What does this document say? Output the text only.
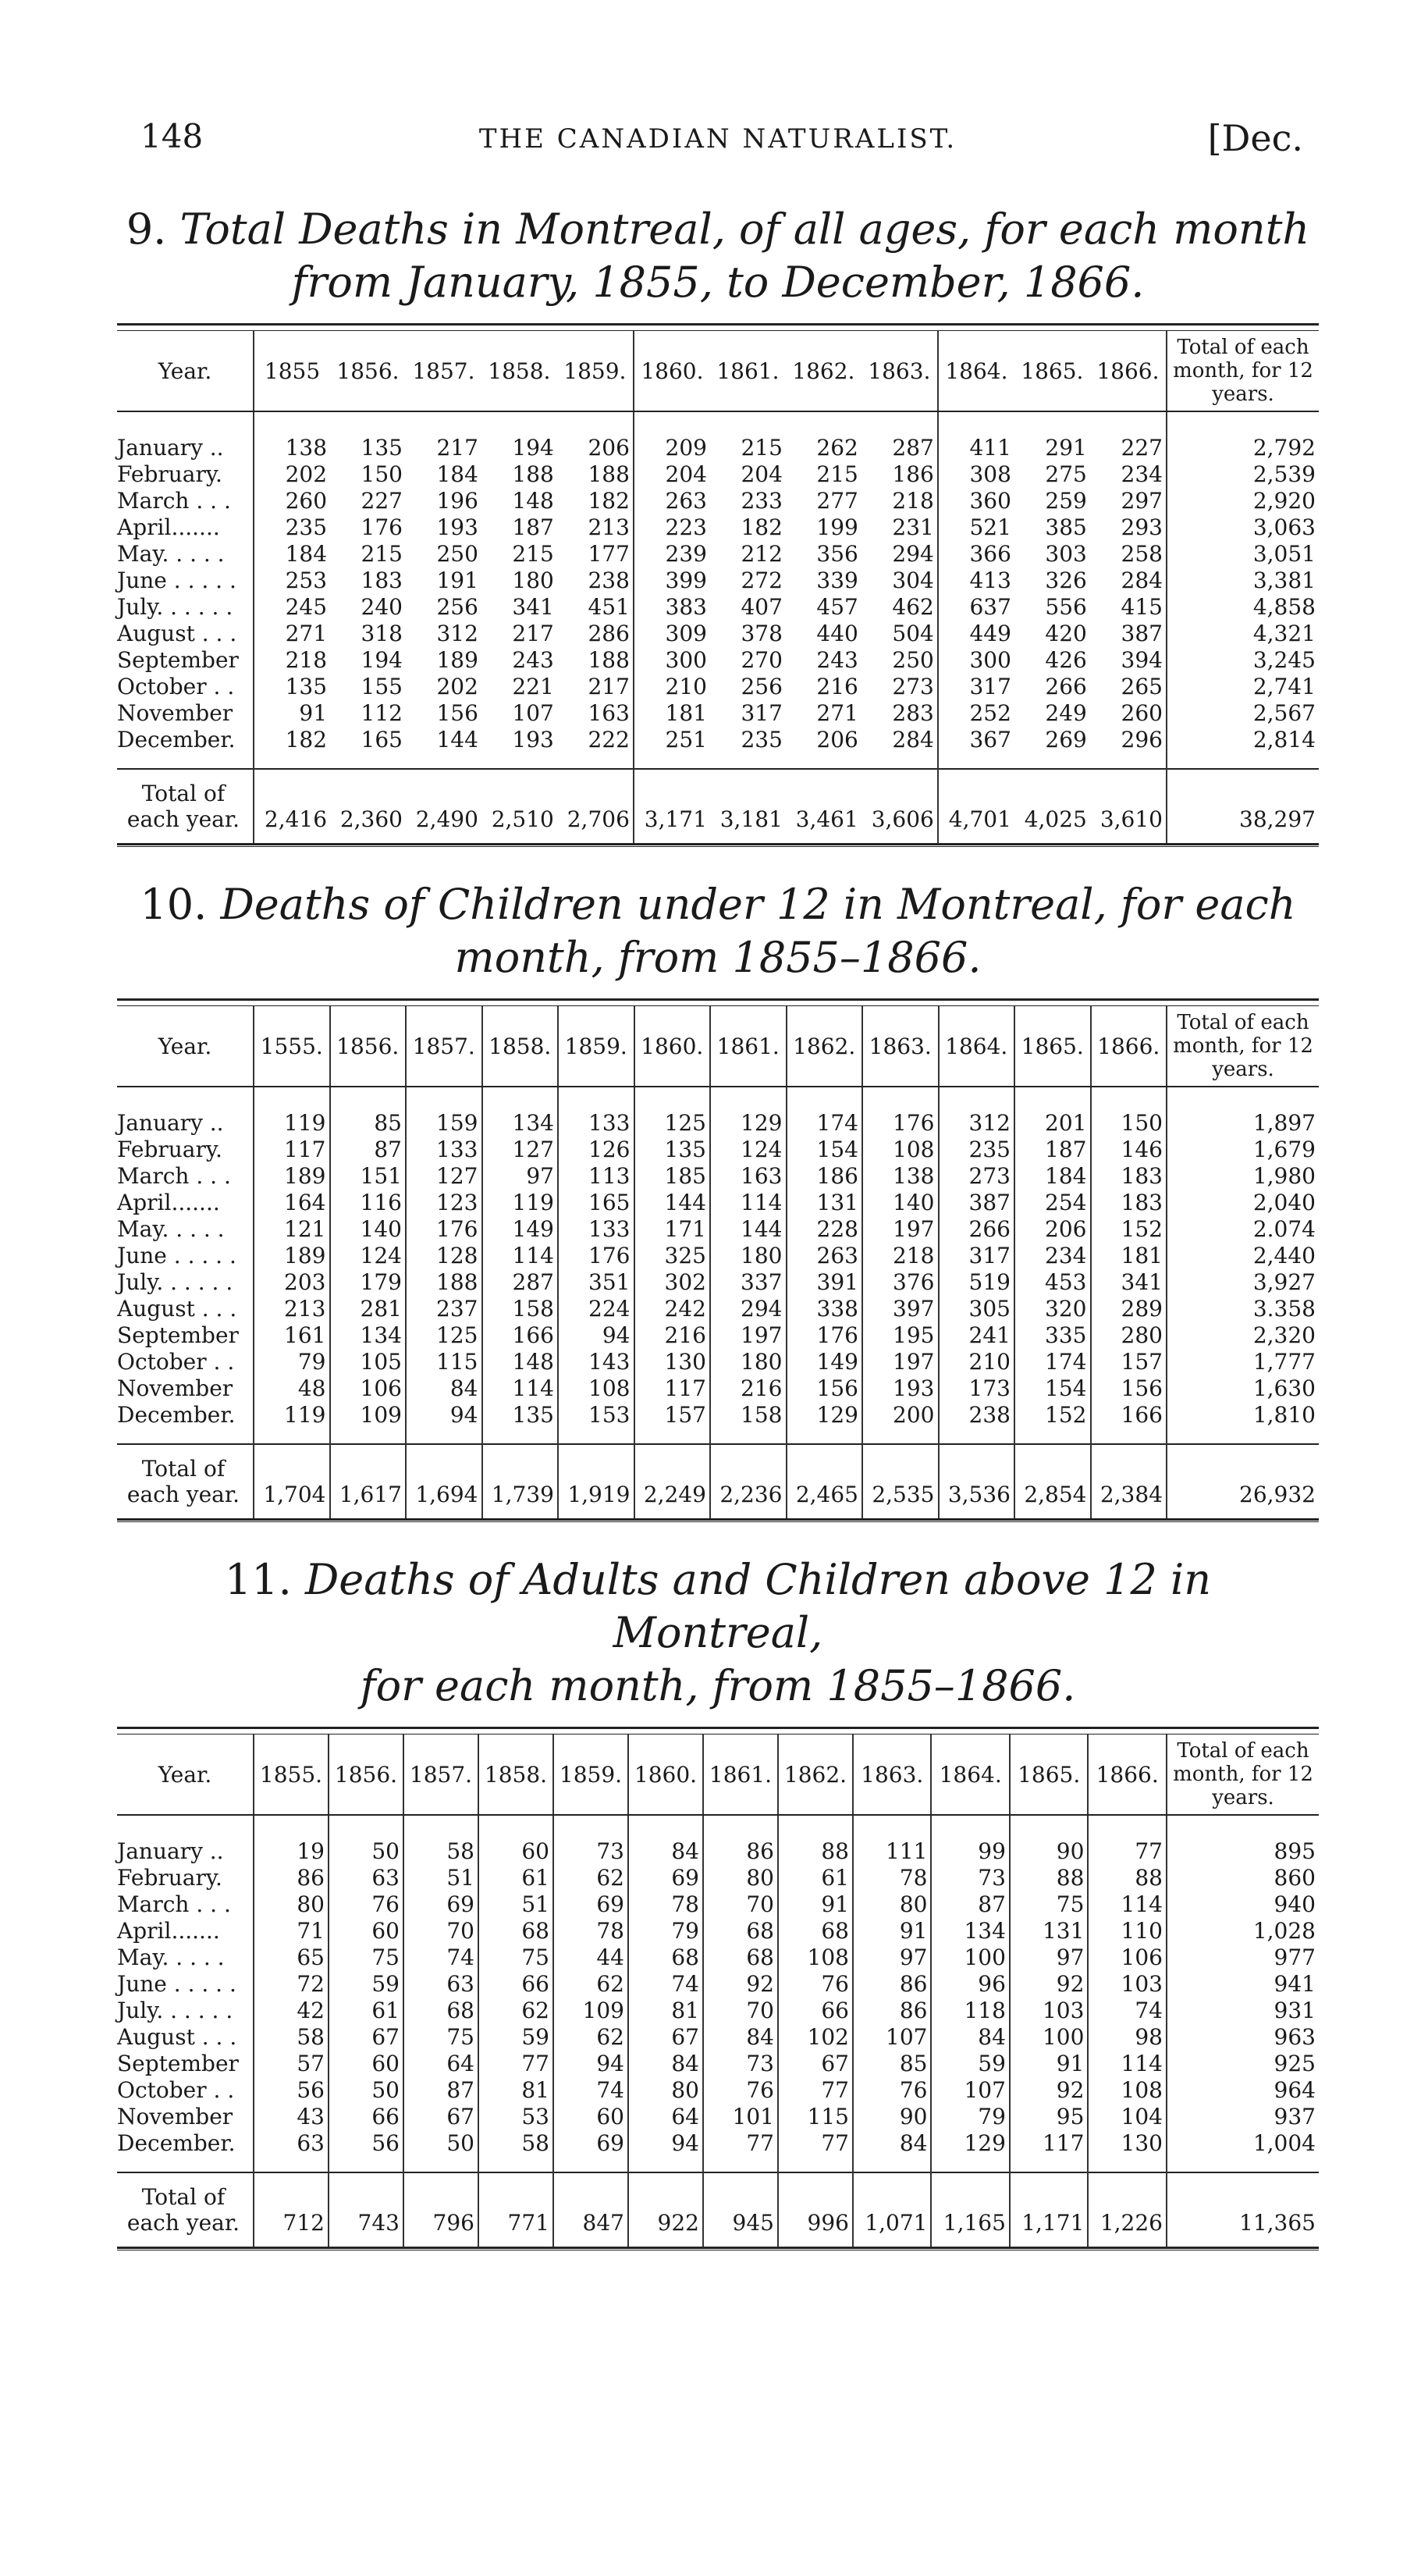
148	THE CANADIAN NATURALIST.	[Dec.
9. Total Deaths in Montreal, of all ages, for each month
from January, 1855, to December, 1866.
Year.	1855	1856.	1857.	1858.	1859.	1860.	1861.	1862.	1863.	1864.	1865.	1866.	Total of each month, for 12 years.
January ..	138	135	217	194	206	209	215	262	287	411	291	227	2,792
February.	202	150	184	188	188	204	204	215	186	308	275	234	2,539
March . . .	260	227	196	148	182	263	233	277	218	360	259	297	2,920
April.......	235	176	193	187	213	223	182	199	231	521	385	293	3,063
May. . . . .	184	215	250	215	177	239	212	356	294	366	303	258	3,051
June . . . . .	253	183	191	180	238	399	272	339	304	413	326	284	3,381
July. . . . . .	245	240	256	341	451	383	407	457	462	637	556	415	4,858
August . . .	271	318	312	217	286	309	378	440	504	449	420	387	4,321
September	218	194	189	243	188	300	270	243	250	300	426	394	3,245
October . .	135	155	202	221	217	210	256	216	273	317	266	265	2,741
November	91	112	156	107	163	181	317	271	283	252	249	260	2,567
December.	182	165	144	193	222	251	235	206	284	367	269	296	2,814
Total of
each year.	2,416	2,360	2,490	2,510	2,706	3,171	3,181	3,461	3,606	4,701	4,025	3,610	38,297
10. Deaths of Children under 12 in Montreal, for each
month, from 1855–1866.
Year.	1555.	1856.	1857.	1858.	1859.	1860.	1861.	1862.	1863.	1864.	1865.	1866.	Total of each month, for 12 years.
January ..	119	85	159	134	133	125	129	174	176	312	201	150	1,897
February.	117	87	133	127	126	135	124	154	108	235	187	146	1,679
March . . .	189	151	127	97	113	185	163	186	138	273	184	183	1,980
April.......	164	116	123	119	165	144	114	131	140	387	254	183	2,040
May. . . . .	121	140	176	149	133	171	144	228	197	266	206	152	2.074
June . . . . .	189	124	128	114	176	325	180	263	218	317	234	181	2,440
July. . . . . .	203	179	188	287	351	302	337	391	376	519	453	341	3,927
August . . .	213	281	237	158	224	242	294	338	397	305	320	289	3.358
September	161	134	125	166	94	216	197	176	195	241	335	280	2,320
October . .	79	105	115	148	143	130	180	149	197	210	174	157	1,777
November	48	106	84	114	108	117	216	156	193	173	154	156	1,630
December.	119	109	94	135	153	157	158	129	200	238	152	166	1,810
Total of
each year.	1,704	1,617	1,694	1,739	1,919	2,249	2,236	2,465	2,535	3,536	2,854	2,384	26,932
11. Deaths of Adults and Children above 12 in Montreal,
for each month, from 1855–1866.
Year.	1855.	1856.	1857.	1858.	1859.	1860.	1861.	1862.	1863.	1864.	1865.	1866.	Total of each month, for 12 years.
January ..	19	50	58	60	73	84	86	88	111	99	90	77	895
February.	86	63	51	61	62	69	80	61	78	73	88	88	860
March . . .	80	76	69	51	69	78	70	91	80	87	75	114	940
April.......	71	60	70	68	78	79	68	68	91	134	131	110	1,028
May. . . . .	65	75	74	75	44	68	68	108	97	100	97	106	977
June . . . . .	72	59	63	66	62	74	92	76	86	96	92	103	941
July. . . . . .	42	61	68	62	109	81	70	66	86	118	103	74	931
August . . .	58	67	75	59	62	67	84	102	107	84	100	98	963
September	57	60	64	77	94	84	73	67	85	59	91	114	925
October . .	56	50	87	81	74	80	76	77	76	107	92	108	964
November	43	66	67	53	60	64	101	115	90	79	95	104	937
December.	63	56	50	58	69	94	77	77	84	129	117	130	1,004
Total of
each year.	712	743	796	771	847	922	945	996	1,071	1,165	1,171	1,226	11,365
